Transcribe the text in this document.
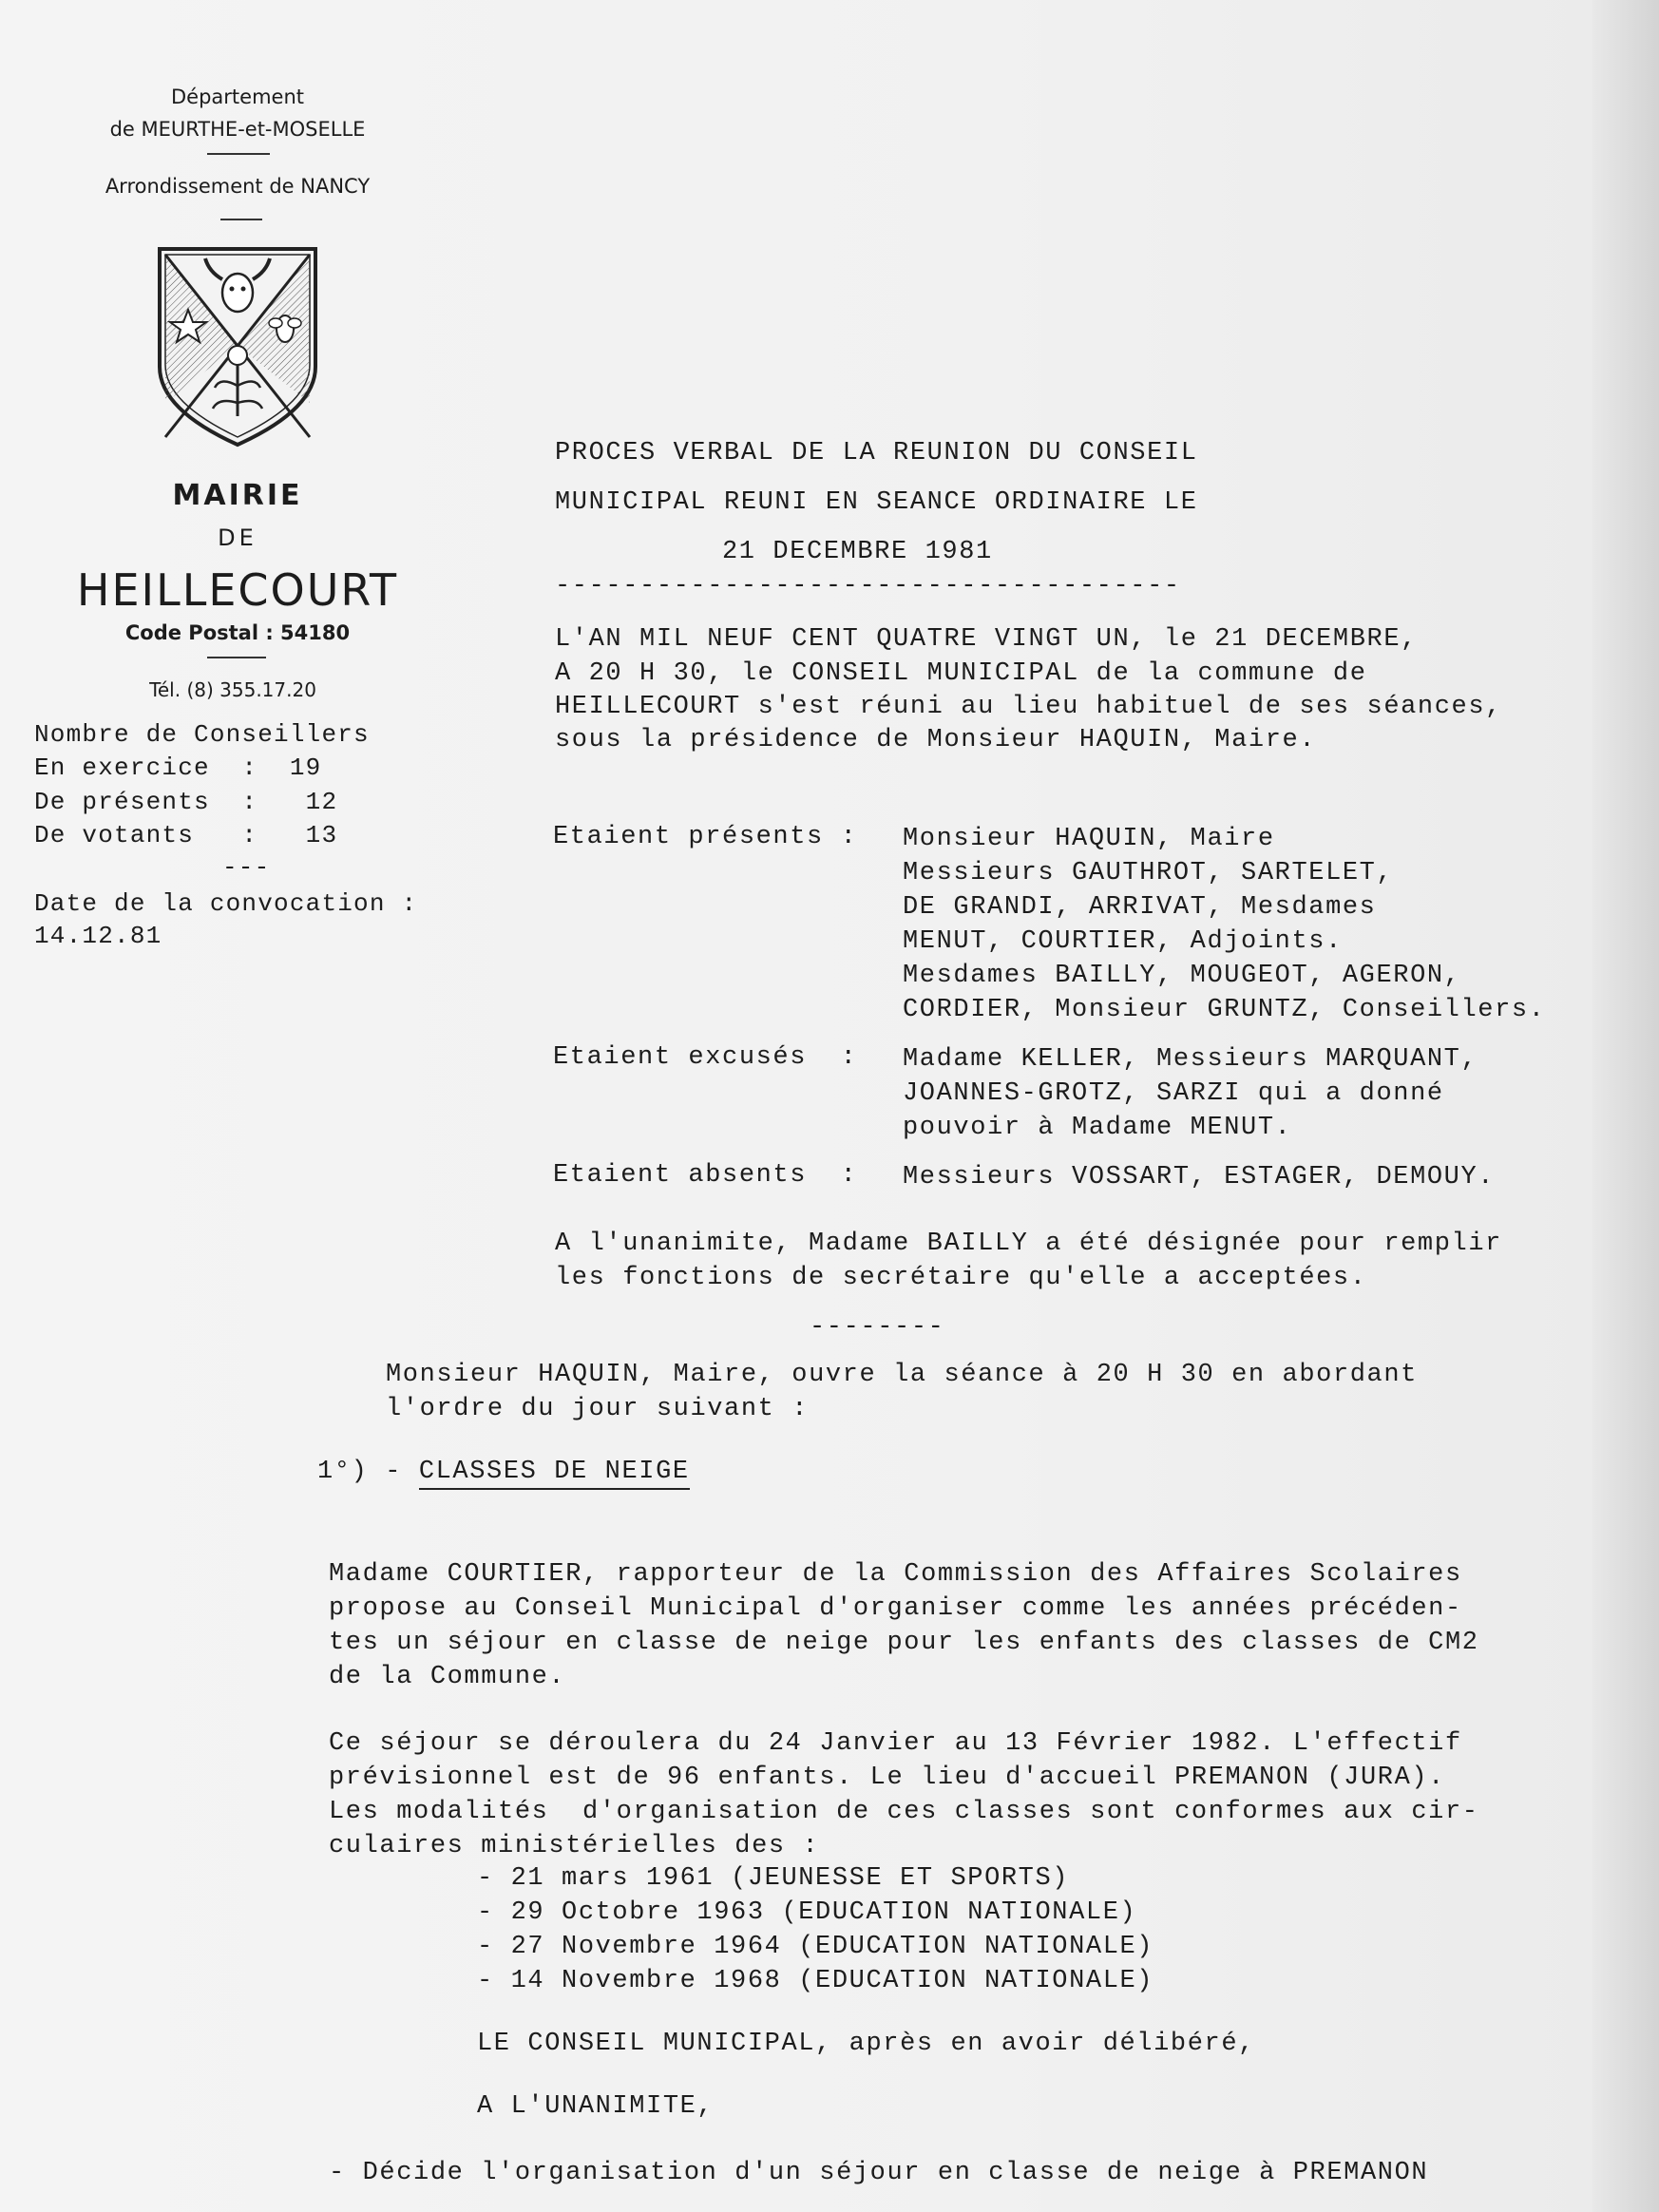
Département
de MEURTHE-et-MOSELLE
Arrondissement de NANCY
MAIRIE
DE
HEILLECOURT
Code Postal : 54180
Tél. (8) 355.17.20
Nombre de Conseillers
En exercice  :  19
De présents  :   12
De votants   :   13
---
Date de la convocation :
14.12.81
PROCES VERBAL DE LA REUNION DU CONSEIL
MUNICIPAL REUNI EN SEANCE ORDINAIRE LE
21 DECEMBRE 1981
-------------------------------------
L'AN MIL NEUF CENT QUATRE VINGT UN, le 21 DECEMBRE,
A 20 H 30, le CONSEIL MUNICIPAL de la commune de
HEILLECOURT s'est réuni au lieu habituel de ses séances,
sous la présidence de Monsieur HAQUIN, Maire.
Etaient présents : Monsieur HAQUIN, Maire
Messieurs GAUTHROT, SARTELET,
DE GRANDI, ARRIVAT, Mesdames
MENUT, COURTIER, Adjoints.
Mesdames BAILLY, MOUGEOT, AGERON,
CORDIER, Monsieur GRUNTZ, Conseillers.
Etaient excusés  : Madame KELLER, Messieurs MARQUANT,
JOANNES-GROTZ, SARZI qui a donné
pouvoir à Madame MENUT.
Etaient absents  : Messieurs VOSSART, ESTAGER, DEMOUY.
A l'unanimite, Madame BAILLY a été désignée pour remplir
les fonctions de secrétaire qu'elle a acceptées.
--------
Monsieur HAQUIN, Maire, ouvre la séance à 20 H 30 en abordant
l'ordre du jour suivant :
1°) - CLASSES DE NEIGE
Madame COURTIER, rapporteur de la Commission des Affaires Scolaires
propose au Conseil Municipal d'organiser comme les années précéden-
tes un séjour en classe de neige pour les enfants des classes de CM2
de la Commune.
Ce séjour se déroulera du 24 Janvier au 13 Février 1982. L'effectif
prévisionnel est de 96 enfants. Le lieu d'accueil PREMANON (JURA).
Les modalités  d'organisation de ces classes sont conformes aux cir-
culaires ministérielles des :
- 21 mars 1961 (JEUNESSE ET SPORTS)
- 29 Octobre 1963 (EDUCATION NATIONALE)
- 27 Novembre 1964 (EDUCATION NATIONALE)
- 14 Novembre 1968 (EDUCATION NATIONALE)
LE CONSEIL MUNICIPAL, après en avoir délibéré,
A L'UNANIMITE,
- Décide l'organisation d'un séjour en classe de neige à PREMANON
